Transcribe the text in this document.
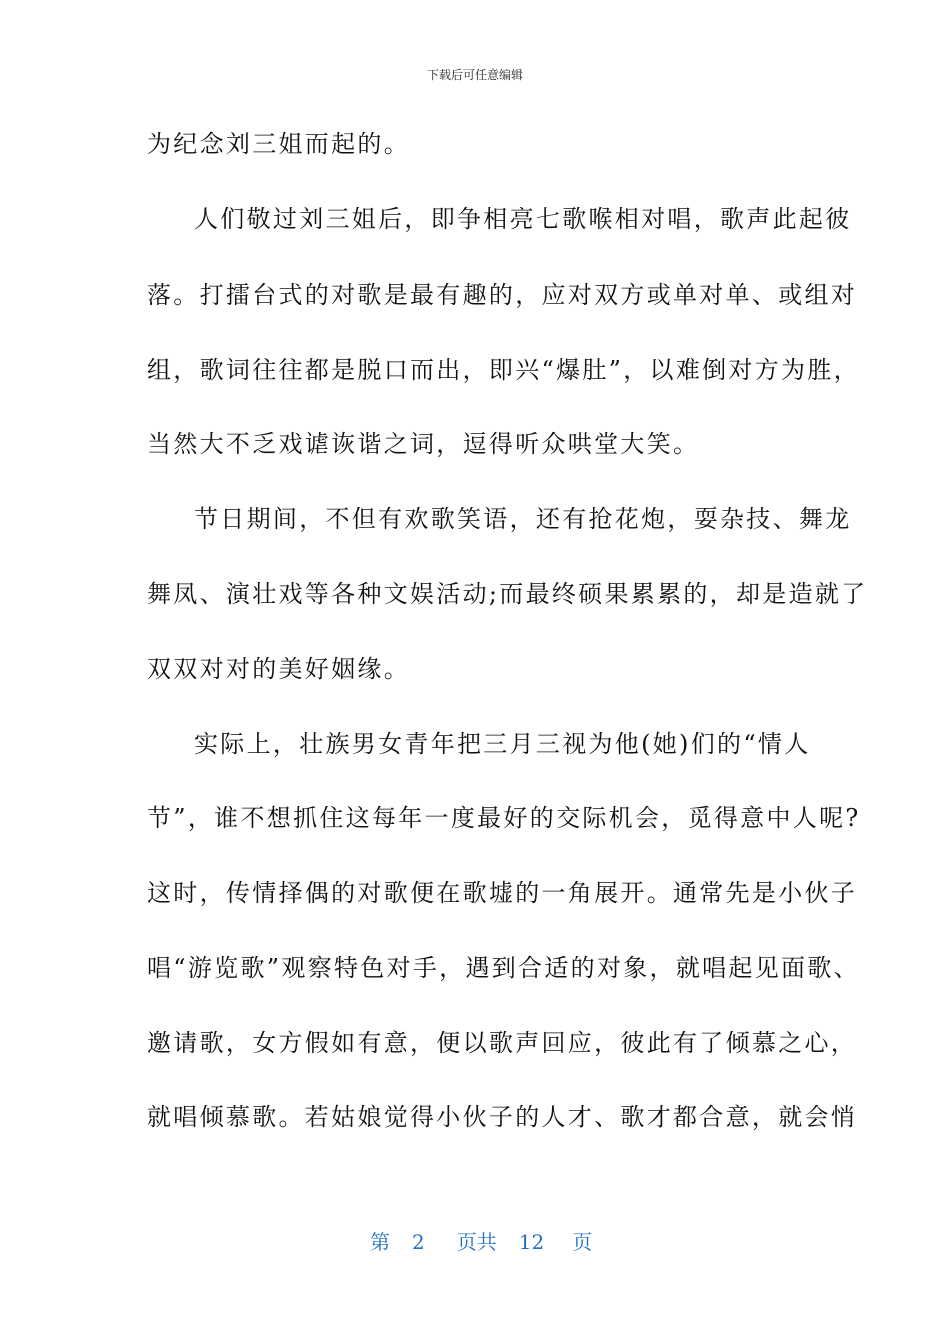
下载后可任意编辑
为纪念刘三姐而起的。
人们敬过刘三姐后，即争相亮七歌喉相对唱，歌声此起彼
落。打擂台式的对歌是最有趣的，应对双方或单对单、或组对
组，歌词往往都是脱口而出，即兴“爆肚”，以难倒对方为胜，
当然大不乏戏谑诙谐之词，逗得听众哄堂大笑。
节日期间，不但有欢歌笑语，还有抢花炮，耍杂技、舞龙
舞凤、演壮戏等各种文娱活动;而最终硕果累累的，却是造就了
双双对对的美好姻缘。
实际上，壮族男女青年把三月三视为他(她)们的“情人
节”，谁不想抓住这每年一度最好的交际机会，觅得意中人呢?
这时，传情择偶的对歌便在歌墟的一角展开。通常先是小伙子
唱“游览歌”观察特色对手，遇到合适的对象，就唱起见面歌、
邀请歌，女方假如有意，便以歌声回应，彼此有了倾慕之心，
就唱倾慕歌。若姑娘觉得小伙子的人才、歌才都合意，就会悄
第 2 页共 12 页
